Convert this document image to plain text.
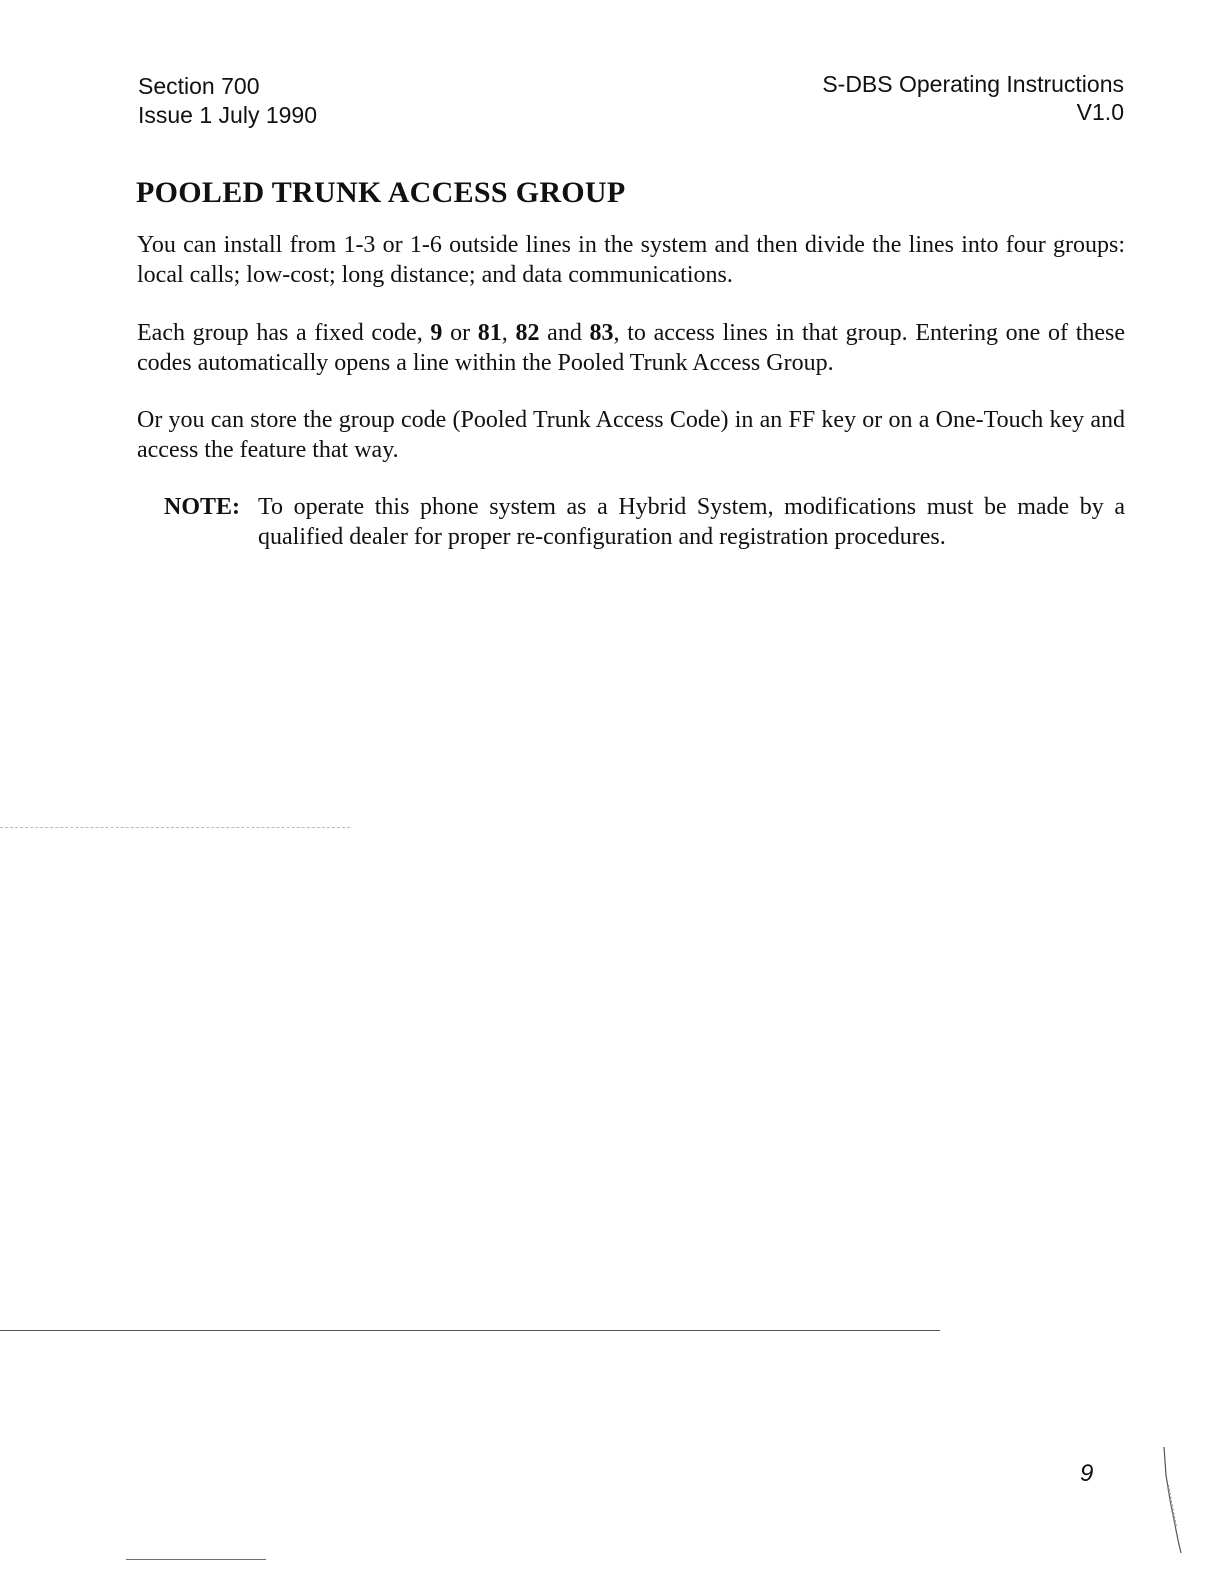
Section 700
Issue 1 July 1990
S-DBS Operating Instructions
V1.0
POOLED TRUNK ACCESS GROUP

You can install from 1-3 or 1-6 outside lines in the system and then divide the lines into four groups: local calls; low-cost; long distance; and data communications.

Each group has a fixed code, 9 or 81, 82 and 83, to access lines in that group. Entering one of these codes automatically opens a line within the Pooled Trunk Access Group.

Or you can store the group code (Pooled Trunk Access Code) in an FF key or on a One-Touch key and access the feature that way.

NOTE: To operate this phone system as a Hybrid System, modifications must be made by a qualified dealer for proper re-configuration and registration procedures.
9
